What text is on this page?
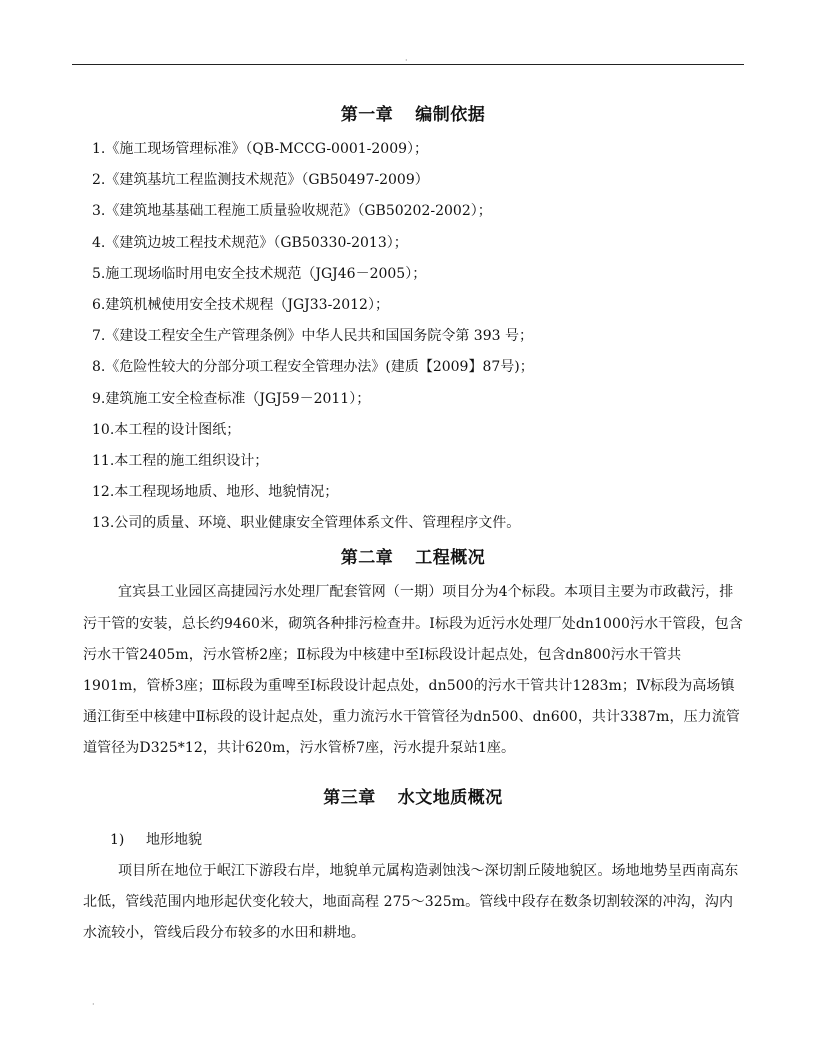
·
第一章 编制依据
1.《施工现场管理标准》（QB-MCCG-0001-2009）；
2.《建筑基坑工程监测技术规范》（GB50497-2009）
3.《建筑地基基础工程施工质量验收规范》（GB50202-2002）；
4.《建筑边坡工程技术规范》（GB50330-2013）；
5.施工现场临时用电安全技术规范（JGJ46－2005）；
6.建筑机械使用安全技术规程（JGJ33-2012）；
7.《建设工程安全生产管理条例》中华人民共和国国务院令第 393 号；
8.《危险性较大的分部分项工程安全管理办法》(建质【2009】87号)；
9.建筑施工安全检查标准（JGJ59－2011）；
10.本工程的设计图纸；
11.本工程的施工组织设计；
12.本工程现场地质、地形、地貌情况；
13.公司的质量、环境、职业健康安全管理体系文件、管理程序文件。
第二章 工程概况

宜宾县工业园区高捷园污水处理厂配套管网（一期）项目分为4个标段。本项目主要为市政截污，排污干管的安装，总长约9460米，砌筑各种排污检查井。Ⅰ标段为近污水处理厂处dn1000污水干管段，包含污水干管2405m，污水管桥2座；Ⅱ标段为中核建中至Ⅰ标段设计起点处，包含dn800污水干管共1901m，管桥3座；Ⅲ标段为重啤至Ⅰ标段设计起点处，dn500的污水干管共计1283m；Ⅳ标段为高场镇通江街至中核建中Ⅱ标段的设计起点处，重力流污水干管管径为dn500、dn600，共计3387m，压力流管道管径为D325*12，共计620m，污水管桥7座，污水提升泵站1座。

第三章 水文地质概况
1) 地形地貌

项目所在地位于岷江下游段右岸，地貌单元属构造剥蚀浅～深切割丘陵地貌区。场地地势呈西南高东北低，管线范围内地形起伏变化较大，地面高程 275～325m。管线中段存在数条切割较深的冲沟，沟内水流较小，管线后段分布较多的水田和耕地。

·
